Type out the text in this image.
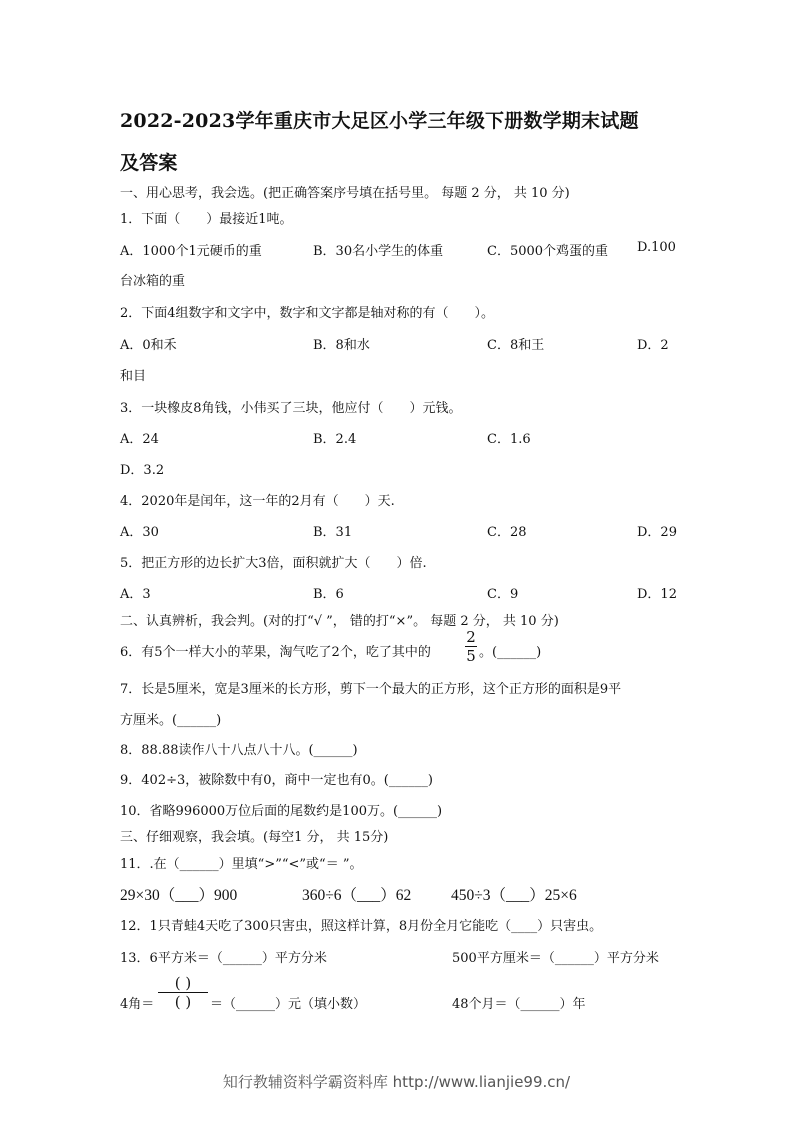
2022-2023学年重庆市大足区小学三年级下册数学期末试题
及答案
一、用心思考，我会选。(把正确答案序号填在括号里。 每题 2 分， 共 10 分)
1．下面（　　）最接近1吨。
A．1000个1元硬币的重	B．30名小学生的体重	C．5000个鸡蛋的重 D.100
台冰箱的重
2．下面4组数字和文字中，数字和文字都是轴对称的有（　　）。
A．0和禾	B．8和水	C．8和王	D．2
和目
3．一块橡皮8角钱，小伟买了三块，他应付（　　）元钱。
A．24	B．2.4	C．1.6
D．3.2
4．2020年是闰年，这一年的2月有（　　）天.
A．30	B．31	C．28	D．29
5．把正方形的边长扩大3倍，面积就扩大（　　）倍.
A．3	B．6	C．9	D．12
二、认真辨析，我会判。(对的打“√ ”， 错的打“×”。 每题 2 分， 共 10 分)
6．有5个一样大小的苹果，淘气吃了2个，吃了其中的
2
5 。(______)
7．长是5厘米，宽是3厘米的长方形，剪下一个最大的正方形，这个正方形的面积是9平
方厘米。(______)
8．88.88读作八十八点八十八。(______)
9．402÷3，被除数中有0，商中一定也有0。(______)
10．省略996000万位后面的尾数约是100万。(______)
三、仔细观察，我会填。(每空1 分， 共 15分)
11．.在（______）里填“>”“<”或“＝ ”。
29×30（___）900	360÷6（___）62	450÷3（___）25×6
12．1只青蛙4天吃了300只害虫，照这样计算，8月份全月它能吃（____）只害虫。
13．6平方米＝（______）平方分米	500平方厘米＝（______）平方分米
4角＝
( )
( )	＝（______）元（填小数）	48个月＝（______）年
知行教辅资料学霸资料库 http://www.lianjie99.cn/
